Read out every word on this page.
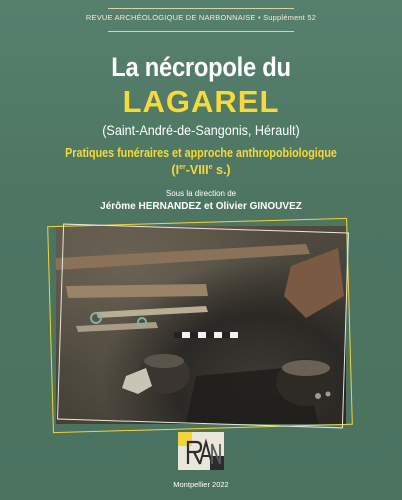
REVUE ARCHÉOLOGIQUE DE NARBONNAISE • Supplément 52
La nécropole du
LAGAREL
(Saint-André-de-Sangonis, Hérault)
Pratiques funéraires et approche anthropobiologique
(Ier-VIIIe s.)
Sous la direction de
Jérôme HERNANDEZ et Olivier GINOUVEZ
Montpellier 2022
